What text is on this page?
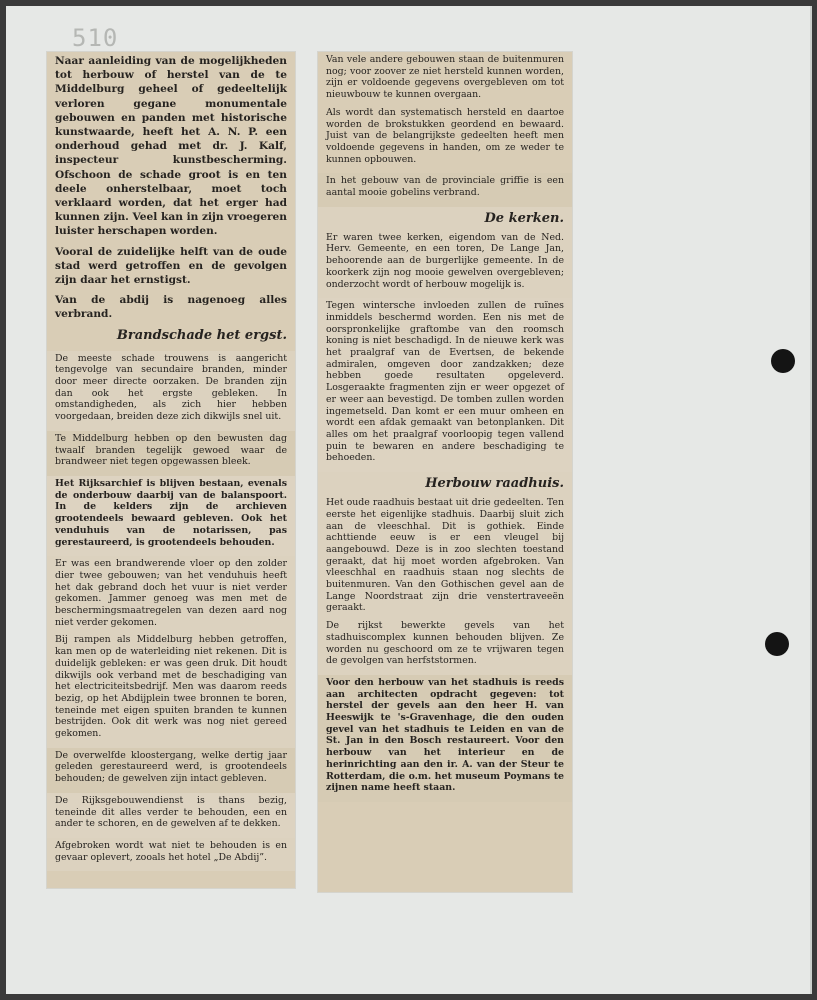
510

Naar aanleiding van de mogelijkheden tot herbouw of herstel van de te Middelburg geheel of gedeeltelijk verloren gegane monumentale gebouwen en panden met historische kunstwaarde, heeft het A. N. P. een onderhoud gehad met dr. J. Kalf, inspecteur kunstbescherming. Ofschoon de schade groot is en ten deele onherstelbaar, moet toch verklaard worden, dat het erger had kunnen zijn. Veel kan in zijn vroegeren luister herschapen worden.

Vooral de zuidelijke helft van de oude stad werd getroffen en de gevolgen zijn daar het ernstigst.

Van de abdij is nagenoeg alles verbrand.

Brandschade het ergst.

De meeste schade trouwens is aangericht tengevolge van secundaire branden, minder door meer directe oorzaken. De branden zijn dan ook het ergste gebleken. In omstandigheden, als zich hier hebben voorgedaan, breiden deze zich dikwijls snel uit.

Te Middelburg hebben op den bewusten dag twaalf branden tegelijk gewoed waar de brandweer niet tegen opgewassen bleek.

Het Rijksarchief is blijven bestaan, evenals de onderbouw daarbij van de balanspoort. In de kelders zijn de archieven grootendeels bewaard gebleven. Ook het venduhuis van de notarissen, pas gerestaureerd, is grootendeels behouden.

Er was een brandwerende vloer op den zolder dier twee gebouwen; van het venduhuis heeft het dak gebrand doch het vuur is niet verder gekomen. Jammer genoeg was men met de beschermingsmaatregelen van dezen aard nog niet verder gekomen.

Bij rampen als Middelburg hebben getroffen, kan men op de waterleiding niet rekenen. Dit is duidelijk gebleken: er was geen druk. Dit houdt dikwijls ook verband met de beschadiging van het electriciteitsbedrijf. Men was daarom reeds bezig, op het Abdijplein twee bronnen te boren, teneinde met eigen spuiten branden te kunnen bestrijden. Ook dit werk was nog niet gereed gekomen.

De overwelfde kloostergang, welke dertig jaar geleden gerestaureerd werd, is grootendeels behouden; de gewelven zijn intact gebleven.

De Rijksgebouwendienst is thans bezig, teneinde dit alles verder te behouden, een en ander te schoren, en de gewelven af te dekken.

Afgebroken wordt wat niet te behouden is en gevaar oplevert, zooals het hotel „De Abdij”.

Van vele andere gebouwen staan de buitenmuren nog; voor zoover ze niet hersteld kunnen worden, zijn er voldoende gegevens overgebleven om tot nieuwbouw te kunnen overgaan.

Als wordt dan systematisch hersteld en daartoe worden de brokstukken geordend en bewaard. Juist van de belangrijkste gedeelten heeft men voldoende gegevens in handen, om ze weder te kunnen opbouwen.

In het gebouw van de provinciale griffie is een aantal mooie gobelins verbrand.

De kerken.

Er waren twee kerken, eigendom van de Ned. Herv. Gemeente, en een toren, De Lange Jan, behoorende aan de burgerlijke gemeente. In de koorkerk zijn nog mooie gewelven overgebleven; onderzocht wordt of herbouw mogelijk is.

Tegen wintersche invloeden zullen de ruïnes inmiddels beschermd worden. Een nis met de oorspronkelijke graftombe van den roomsch koning is niet beschadigd. In de nieuwe kerk was het praalgraf van de Evertsen, de bekende admiralen, omgeven door zandzakken; deze hebben goede resultaten opgeleverd. Losgeraakte fragmenten zijn er weer opgezet of er weer aan bevestigd. De tomben zullen worden ingemetseld. Dan komt er een muur omheen en wordt een afdak gemaakt van betonplanken. Dit alles om het praalgraf voorloopig tegen vallend puin te bewaren en andere beschadiging te behoeden.

Herbouw raadhuis.

Het oude raadhuis bestaat uit drie gedeelten. Ten eerste het eigenlijke stadhuis. Daarbij sluit zich aan de vleeschhal. Dit is gothiek. Einde achttiende eeuw is er een vleugel bij aangebouwd. Deze is in zoo slechten toestand geraakt, dat hij moet worden afgebroken. Van vleeschhal en raadhuis staan nog slechts de buitenmuren. Van den Gothischen gevel aan de Lange Noordstraat zijn drie venstertraveeën geraakt.

De rijkst bewerkte gevels van het stadhuiscomplex kunnen behouden blijven. Ze worden nu geschoord om ze te vrijwaren tegen de gevolgen van herfststormen.

Voor den herbouw van het stadhuis is reeds aan architecten opdracht gegeven: tot herstel der gevels aan den heer H. van Heeswijk te 's-Gravenhage, die den ouden gevel van het stadhuis te Leiden en van de St. Jan in den Bosch restaureert. Voor den herbouw van het interieur en de herinrichting aan den ir. A. van der Steur te Rotterdam, die o.m. het museum Poymans te zijnen name heeft staan.
